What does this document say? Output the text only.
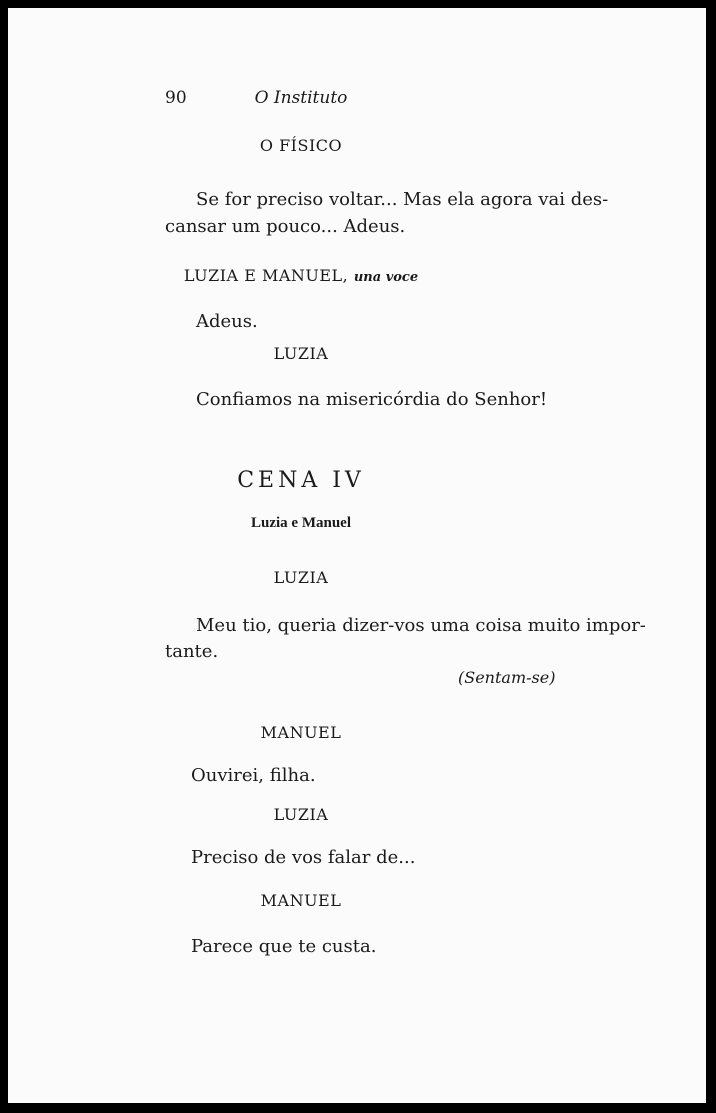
90	O Instituto
O FÍSICO
Se for preciso voltar... Mas ela agora vai des-
cansar um pouco... Adeus.
LUZIA E MANUEL, una voce
Adeus.
LUZIA
Confiamos na misericórdia do Senhor!
CENA IV
Luzia e Manuel
LUZIA
Meu tio, queria dizer-vos uma coisa muito impor-
tante.
(Sentam-se)
MANUEL
Ouvirei, filha.
LUZIA
Preciso de vos falar de...
MANUEL
Parece que te custa.
